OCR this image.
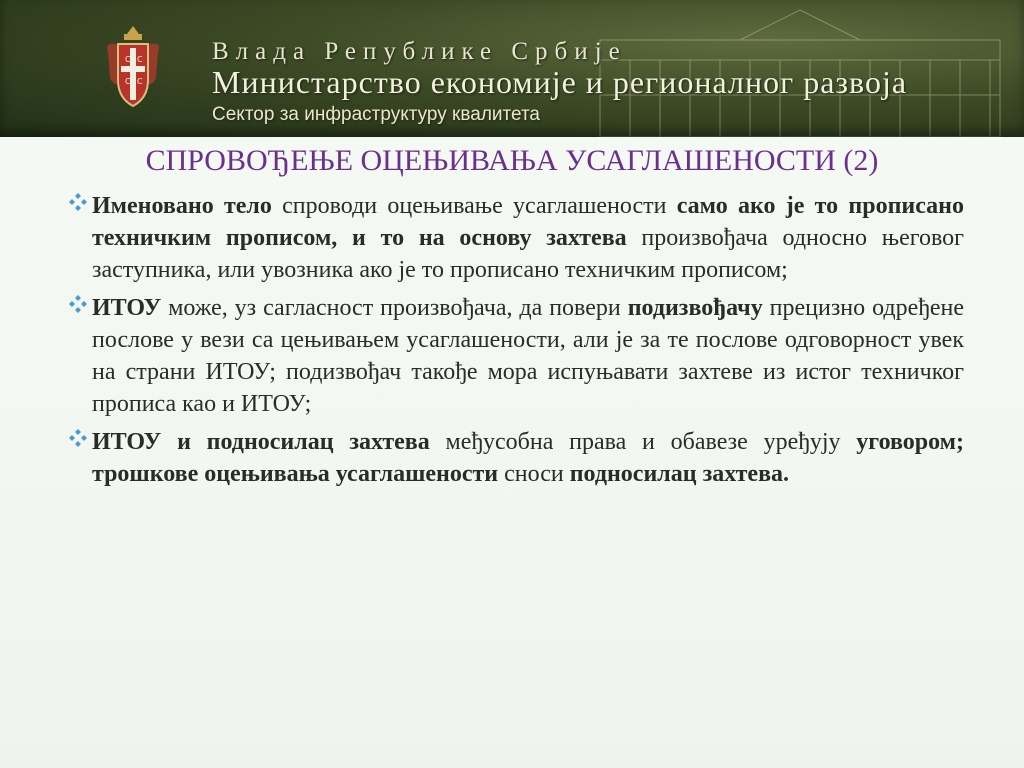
С С
С С
Влада Републике Србије
Министарство економије и регионалног развоја
Сектор за инфраструктуру квалитета
СПРОВОЂЕЊЕ ОЦЕЊИВАЊА УСАГЛАШЕНОСТИ (2)
Именовано тело спроводи оцењивање усаглашености само ако је то прописано техничким прописом, и то на основу захтева произвођача односно његовог заступника, или увозника ако је то прописано техничким прописом;
ИТОУ може, уз сагласност произвођача, да повери подизвођачу прецизно одређене послове у вези са цењивањем усаглашености, али је за те послове одговорност увек на страни ИТОУ; подизвођач такође мора испуњавати захтеве из истог техничког прописа као и ИТОУ;
ИТОУ и подносилац захтева међусобна права и обавезе уређују уговором; трошкове оцењивања усаглашености сноси подносилац захтева.
